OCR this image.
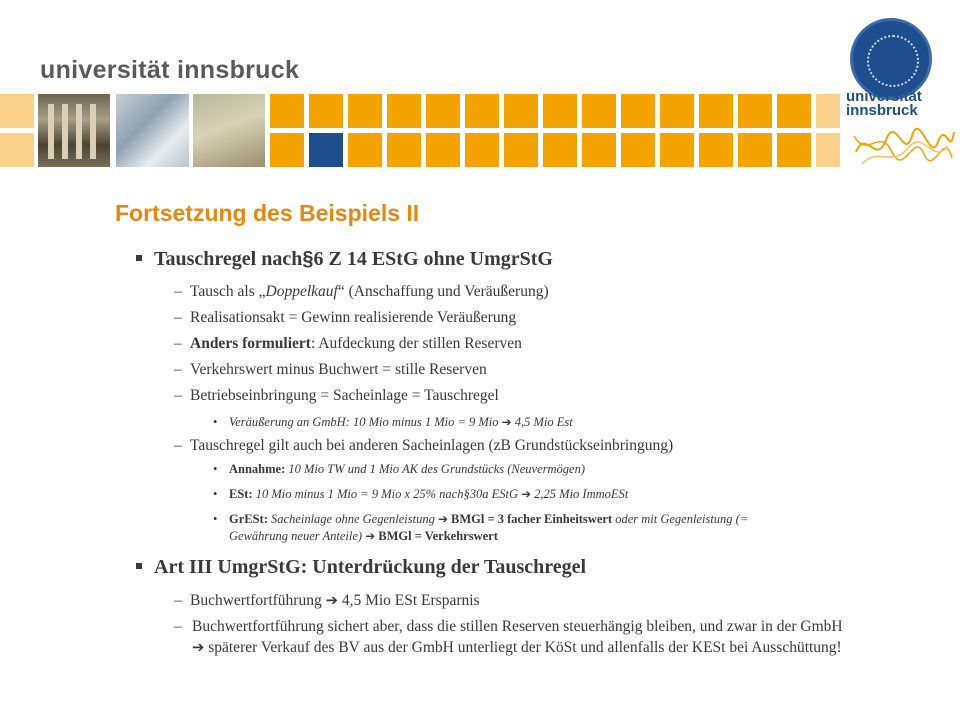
universität innsbruck
universität
innsbruck
Fortsetzung des Beispiels II
Tauschregel nach§6 Z 14 EStG ohne UmgrStG
– Tausch als „Doppelkauf“ (Anschaffung und Veräußerung)
– Realisationsakt = Gewinn realisierende Veräußerung
– Anders formuliert: Aufdeckung der stillen Reserven
– Verkehrswert minus Buchwert = stille Reserven
– Betriebseinbringung = Sacheinlage = Tauschregel
• Veräußerung an GmbH: 10 Mio minus 1 Mio = 9 Mio ➔ 4,5 Mio Est
– Tauschregel gilt auch bei anderen Sacheinlagen (zB Grundstückseinbringung)
• Annahme: 10 Mio TW und 1 Mio AK des Grundstücks (Neuvermögen)
• ESt: 10 Mio minus 1 Mio = 9 Mio x 25% nach§30a EStG ➔ 2,25 Mio ImmoESt
• GrESt: Sacheinlage ohne Gegenleistung ➔ BMGl = 3 facher Einheitswert oder mit Gegenleistung (= Gewährung neuer Anteile) ➔ BMGl = Verkehrswert
Art III UmgrStG: Unterdrückung der Tauschregel
– Buchwertfortführung ➔ 4,5 Mio ESt Ersparnis
– Buchwertfortführung sichert aber, dass die stillen Reserven steuerhängig bleiben, und zwar in der GmbH ➔ späterer Verkauf des BV aus der GmbH unterliegt der KöSt und allenfalls der KESt bei Ausschüttung!
